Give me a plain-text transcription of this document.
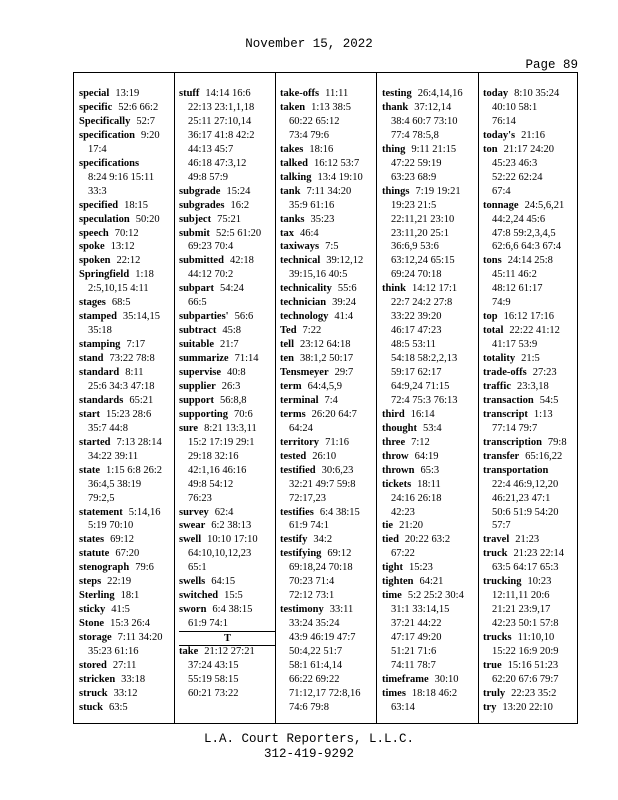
November 15, 2022
Page 89
special 13:19
specific 52:6 66:2
Specifically 52:7
specification 9:20
17:4
specifications
8:24 9:16 15:11
33:3
specified 18:15
speculation 50:20
speech 70:12
spoke 13:12
spoken 22:12
Springfield 1:18
2:5,10,15 4:11
stages 68:5
stamped 35:14,15
35:18
stamping 7:17
stand 73:22 78:8
standard 8:11
25:6 34:3 47:18
standards 65:21
start 15:23 28:6
35:7 44:8
started 7:13 28:14
34:22 39:11
state 1:15 6:8 26:2
36:4,5 38:19
79:2,5
statement 5:14,16
5:19 70:10
states 69:12
statute 67:20
stenograph 79:6
steps 22:19
Sterling 18:1
sticky 41:5
Stone 15:3 26:4
storage 7:11 34:20
35:23 61:16
stored 27:11
stricken 33:18
struck 33:12
stuck 63:5
stuff 14:14 16:6
22:13 23:1,1,18
25:11 27:10,14
36:17 41:8 42:2
44:13 45:7
46:18 47:3,12
49:8 57:9
subgrade 15:24
subgrades 16:2
subject 75:21
submit 52:5 61:20
69:23 70:4
submitted 42:18
44:12 70:2
subpart 54:24
66:5
subparties' 56:6
subtract 45:8
suitable 21:7
summarize 71:14
supervise 40:8
supplier 26:3
support 56:8,8
supporting 70:6
sure 8:21 13:3,11
15:2 17:19 29:1
29:18 32:16
42:1,16 46:16
49:8 54:12
76:23
survey 62:4
swear 6:2 38:13
swell 10:10 17:10
64:10,10,12,23
65:1
swells 64:15
switched 15:5
sworn 6:4 38:15
61:9 74:1
T
take 21:12 27:21
37:24 43:15
55:19 58:15
60:21 73:22
take-offs 11:11
taken 1:13 38:5
60:22 65:12
73:4 79:6
takes 18:16
talked 16:12 53:7
talking 13:4 19:10
tank 7:11 34:20
35:9 61:16
tanks 35:23
tax 46:4
taxiways 7:5
technical 39:12,12
39:15,16 40:5
technicality 55:6
technician 39:24
technology 41:4
Ted 7:22
tell 23:12 64:18
ten 38:1,2 50:17
Tensmeyer 29:7
term 64:4,5,9
terminal 7:4
terms 26:20 64:7
64:24
territory 71:16
tested 26:10
testified 30:6,23
32:21 49:7 59:8
72:17,23
testifies 6:4 38:15
61:9 74:1
testify 34:2
testifying 69:12
69:18,24 70:18
70:23 71:4
72:12 73:1
testimony 33:11
33:24 35:24
43:9 46:19 47:7
50:4,22 51:7
58:1 61:4,14
66:22 69:22
71:12,17 72:8,16
74:6 79:8
testing 26:4,14,16
thank 37:12,14
38:4 60:7 73:10
77:4 78:5,8
thing 9:11 21:15
47:22 59:19
63:23 68:9
things 7:19 19:21
19:23 21:5
22:11,21 23:10
23:11,20 25:1
36:6,9 53:6
63:12,24 65:15
69:24 70:18
think 14:12 17:1
22:7 24:2 27:8
33:22 39:20
46:17 47:23
48:5 53:11
54:18 58:2,2,13
59:17 62:17
64:9,24 71:15
72:4 75:3 76:13
third 16:14
thought 53:4
three 7:12
throw 64:19
thrown 65:3
tickets 18:11
24:16 26:18
42:23
tie 21:20
tied 20:22 63:2
67:22
tight 15:23
tighten 64:21
time 5:2 25:2 30:4
31:1 33:14,15
37:21 44:22
47:17 49:20
51:21 71:6
74:11 78:7
timeframe 30:10
times 18:18 46:2
63:14
today 8:10 35:24
40:10 58:1
76:14
today's 21:16
ton 21:17 24:20
45:23 46:3
52:22 62:24
67:4
tonnage 24:5,6,21
44:2,24 45:6
47:8 59:2,3,4,5
62:6,6 64:3 67:4
tons 24:14 25:8
45:11 46:2
48:12 61:17
74:9
top 16:12 17:16
total 22:22 41:12
41:17 53:9
totality 21:5
trade-offs 27:23
traffic 23:3,18
transaction 54:5
transcript 1:13
77:14 79:7
transcription 79:8
transfer 65:16,22
transportation
22:4 46:9,12,20
46:21,23 47:1
50:6 51:9 54:20
57:7
travel 21:23
truck 21:23 22:14
63:5 64:17 65:3
trucking 10:23
12:11,11 20:6
21:21 23:9,17
42:23 50:1 57:8
trucks 11:10,10
15:22 16:9 20:9
true 15:16 51:23
62:20 67:6 79:7
truly 22:23 35:2
try 13:20 22:10
L.A. Court Reporters, L.L.C.
312-419-9292
